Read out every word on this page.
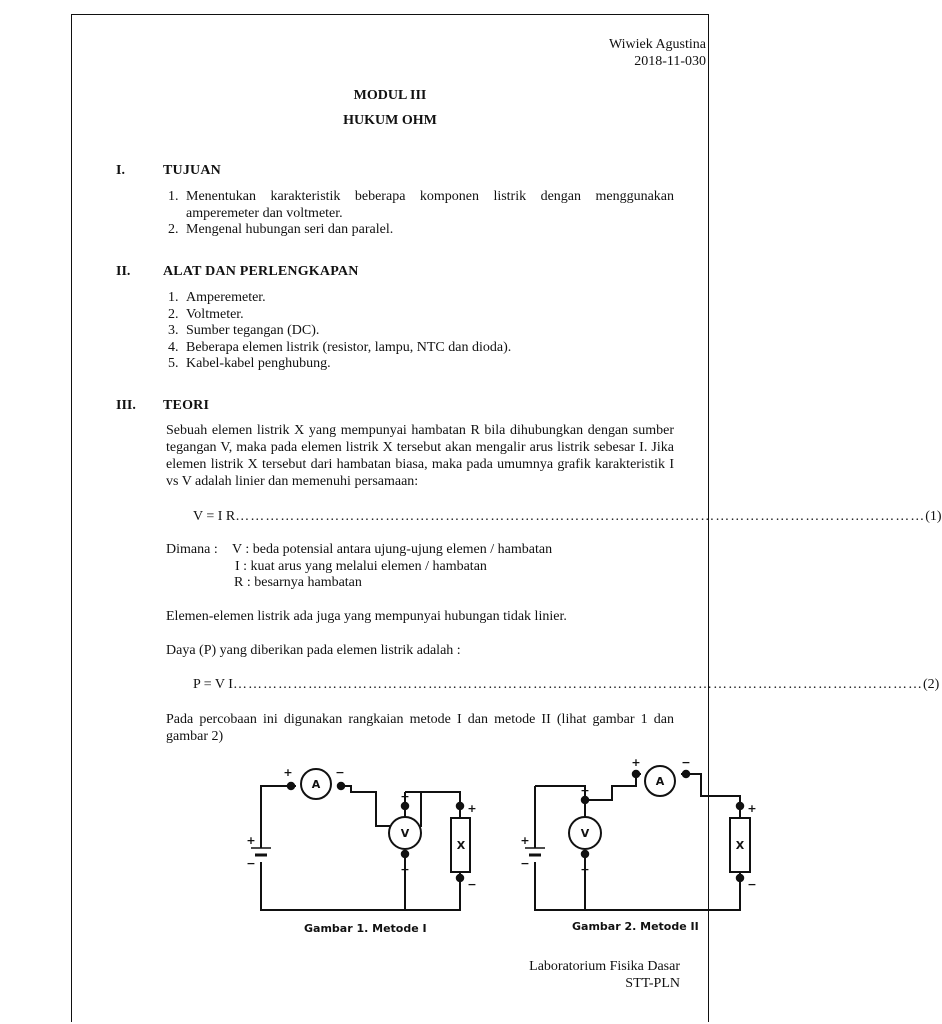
Wiwiek Agustina
2018-11-030
MODUL III
HUKUM OHM
I.	TUJUAN
1. Menentukan karakteristik beberapa komponen listrik dengan menggunakan amperemeter dan voltmeter.
2. Mengenal hubungan seri dan paralel.
II. ALAT DAN PERLENGKAPAN
1. Amperemeter.
2. Voltmeter.
3. Sumber tegangan (DC).
4. Beberapa elemen listrik (resistor, lampu, NTC dan dioda).
5. Kabel-kabel penghubung.
III. TEORI
Sebuah elemen listrik X yang mempunyai hambatan R bila dihubungkan dengan sumber tegangan V, maka pada elemen listrik X tersebut akan mengalir arus listrik sebesar I. Jika elemen listrik X tersebut dari hambatan biasa, maka pada umumnya grafik karakteristik I vs V adalah linier dan memenuhi persamaan:
V = I R ………………………………………………………………………………………………………………………… (1)
Dimana :	V : beda potensial antara ujung-ujung elemen / hambatan
I : kuat arus yang melalui elemen / hambatan
R : besarnya hambatan
Elemen-elemen listrik ada juga yang mempunyai hubungan tidak linier.
Daya (P) yang diberikan pada elemen listrik adalah :
P = V I ………………………………………………………………………………………………………………………… (2)
Pada percobaan ini digunakan rangkaian metode I dan metode II (lihat gambar 1 dan gambar 2)
A
V
X
A
V
X
+	−
+
−
+
−
+
−
+	−
+
−
+
−
+
−
Gambar 1. Metode I	Gambar 2. Metode II
Laboratorium Fisika Dasar
STT-PLN
